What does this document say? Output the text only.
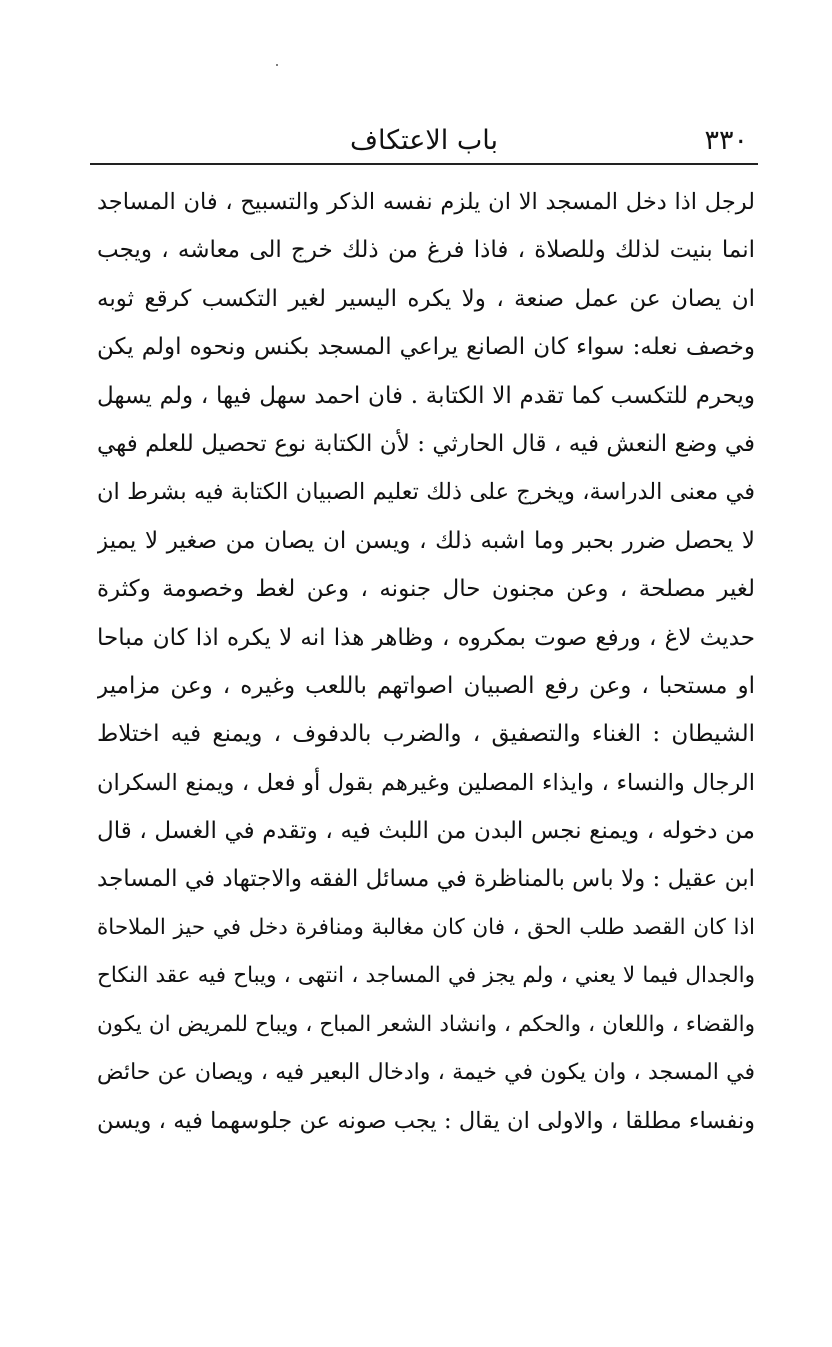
٣٣٠
باب الاعتكاف
لرجل اذا دخل المسجد الا ان يلزم نفسه الذكر والتسبيح ، فان المساجد
انما بنيت لذلك وللصلاة ، فاذا فرغ من ذلك خرج الى معاشه ، ويجب
ان يصان عن عمل صنعة ، ولا يكره اليسير لغير التكسب كرقع ثوبه
وخصف نعله: سواء كان الصانع يراعي المسجد بكنس ونحوه اولم يكن
ويحرم للتكسب كما تقدم الا الكتابة . فان احمد سهل فيها ، ولم يسهل
في وضع النعش فيه ، قال الحارثي : لأن الكتابة نوع تحصيل للعلم فهي
في معنى الدراسة، ويخرج على ذلك تعليم الصبيان الكتابة فيه بشرط ان
لا يحصل ضرر بحبر وما اشبه ذلك ، ويسن ان يصان من صغير لا يميز
لغير مصلحة ، وعن مجنون حال جنونه ، وعن لغط وخصومة وكثرة
حديث لاغ ، ورفع صوت بمكروه ، وظاهر هذا انه لا يكره اذا كان مباحا
او مستحبا ، وعن رفع الصبيان اصواتهم باللعب وغيره ، وعن مزامير
الشيطان : الغناء والتصفيق ، والضرب بالدفوف ، ويمنع فيه اختلاط
الرجال والنساء ، وايذاء المصلين وغيرهم بقول أو فعل ، ويمنع السكران
من دخوله ، ويمنع نجس البدن من اللبث فيه ، وتقدم في الغسل ، قال
ابن عقيل : ولا باس بالمناظرة في مسائل الفقه والاجتهاد في المساجد
اذا كان القصد طلب الحق ، فان كان مغالبة ومنافرة دخل في حيز الملاحاة
والجدال فيما لا يعني ، ولم يجز في المساجد ، انتهى ، ويباح فيه عقد النكاح
والقضاء ، واللعان ، والحكم ، وانشاد الشعر المباح ، ويباح للمريض ان يكون
في المسجد ، وان يكون في خيمة ، وادخال البعير فيه ، ويصان عن حائض
ونفساء مطلقا ، والاولى ان يقال : يجب صونه عن جلوسهما فيه ، ويسن
